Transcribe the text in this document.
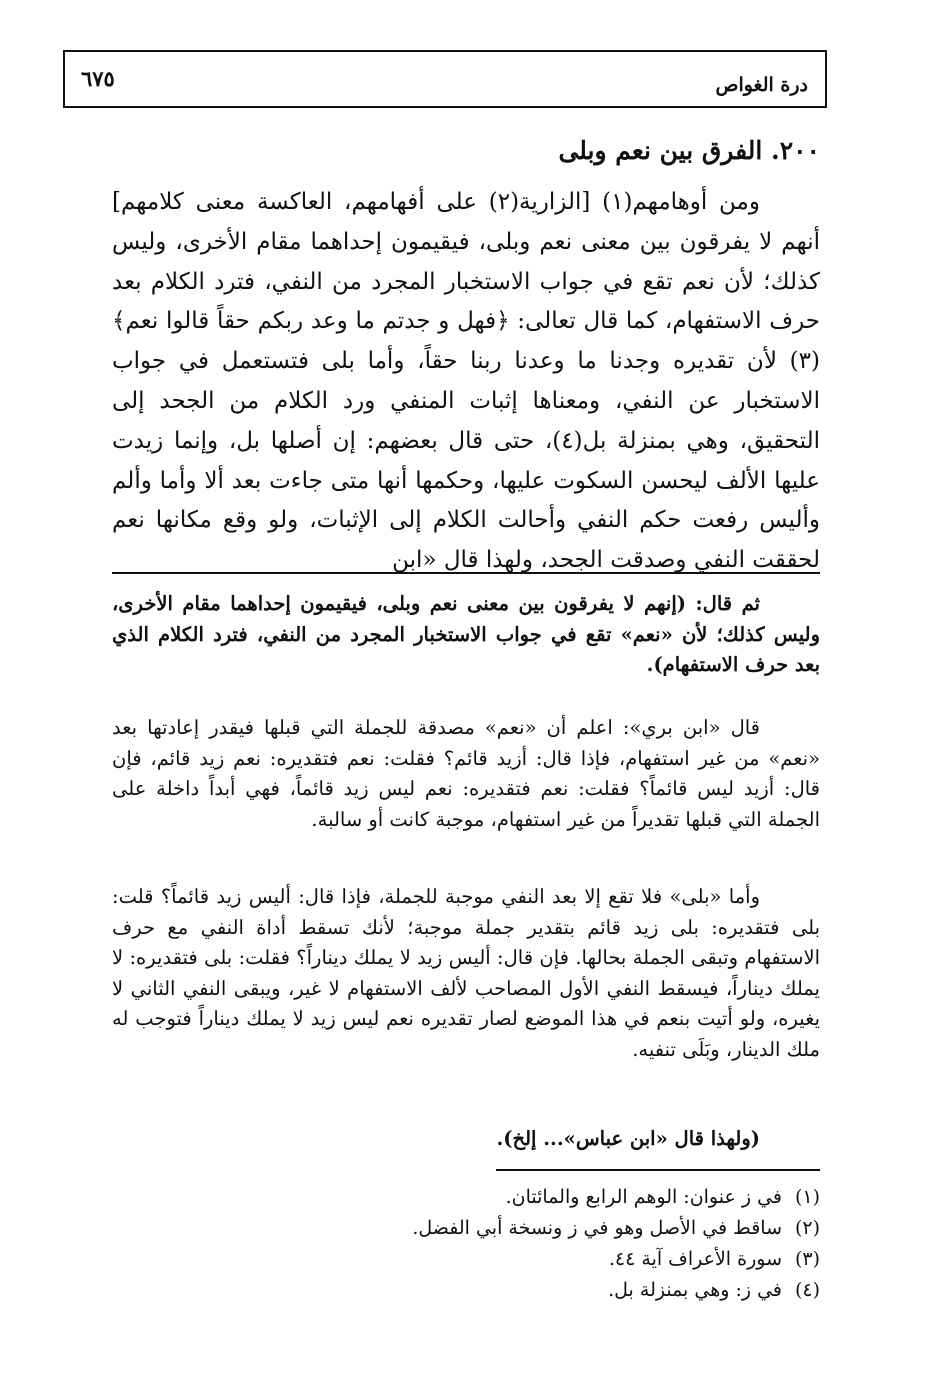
درة الغواص
٦٧٥
٢٠٠. الفرق بين نعم وبلى

ومن أوهامهم(١) [الزارية(٢) على أفهامهم، العاكسة معنى كلامهم] أنهم لا يفرقون بين معنى نعم وبلى، فيقيمون إحداهما مقام الأخرى، وليس كذلك؛ لأن نعم تقع في جواب الاستخبار المجرد من النفي، فترد الكلام بعد حرف الاستفهام، كما قال تعالى: ﴿فهل و جدتم ما وعد ربكم حقاً قالوا نعم﴾(٣) لأن تقديره وجدنا ما وعدنا ربنا حقاً، وأما بلى فتستعمل في جواب الاستخبار عن النفي، ومعناها إثبات المنفي ورد الكلام من الجحد إلى التحقيق، وهي بمنزلة بل(٤)، حتى قال بعضهم: إن أصلها بل، وإنما زيدت عليها الألف ليحسن السكوت عليها، وحكمها أنها متى جاءت بعد ألا وأما وألم وأليس رفعت حكم النفي وأحالت الكلام إلى الإثبات، ولو وقع مكانها نعم لحققت النفي وصدقت الجحد، ولهذا قال «ابن

ثم قال: (إنهم لا يفرقون بين معنى نعم وبلى، فيقيمون إحداهما مقام الأخرى، وليس كذلك؛ لأن «نعم» تقع في جواب الاستخبار المجرد من النفي، فترد الكلام الذي بعد حرف الاستفهام).

قال «ابن بري»: اعلم أن «نعم» مصدقة للجملة التي قبلها فيقدر إعادتها بعد «نعم» من غير استفهام، فإذا قال: أزيد قائم؟ فقلت: نعم فتقديره: نعم زيد قائم، فإن قال: أزيد ليس قائماً؟ فقلت: نعم فتقديره: نعم ليس زيد قائماً، فهي أبداً داخلة على الجملة التي قبلها تقديراً من غير استفهام، موجبة كانت أو سالبة.

وأما «بلى» فلا تقع إلا بعد النفي موجبة للجملة، فإذا قال: أليس زيد قائماً؟ قلت: بلى فتقديره: بلى زيد قائم بتقدير جملة موجبة؛ لأنك تسقط أداة النفي مع حرف الاستفهام وتبقى الجملة بحالها. فإن قال: أليس زيد لا يملك ديناراً؟ فقلت: بلى فتقديره: لا يملك ديناراً، فيسقط النفي الأول المصاحب لألف الاستفهام لا غير، ويبقى النفي الثاني لا يغيره، ولو أتيت بنعم في هذا الموضع لصار تقديره نعم ليس زيد لا يملك ديناراً فتوجب له ملك الدينار، وبَلَى تنفيه.

(ولهذا قال «ابن عباس»... إلخ).

(١)
في ز عنوان: الوهم الرابع والمائتان.
(٢)
ساقط في الأصل وهو في ز ونسخة أبي الفضل.
(٣)
سورة الأعراف آية ٤٤.
(٤)
في ز: وهي بمنزلة بل.
